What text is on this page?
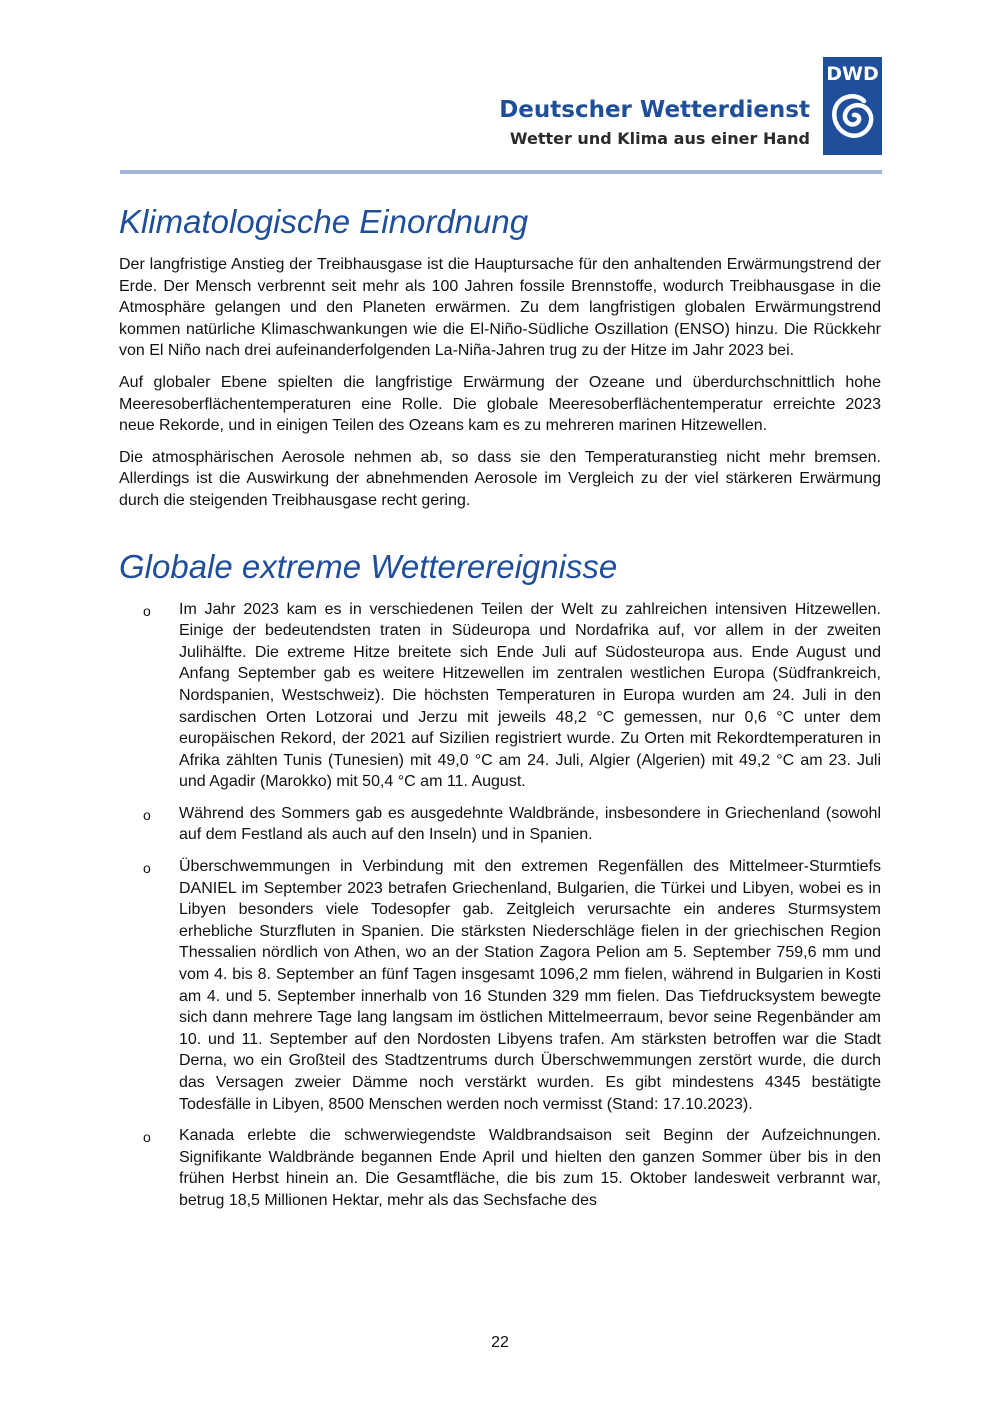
Deutscher Wetterdienst
Wetter und Klima aus einer Hand
DWD
Klimatologische Einordnung

Der langfristige Anstieg der Treibhausgase ist die Hauptursache für den anhaltenden Erwärmungstrend der Erde. Der Mensch verbrennt seit mehr als 100 Jahren fossile Brennstoffe, wodurch Treibhausgase in die Atmosphäre gelangen und den Planeten erwärmen. Zu dem langfristigen globalen Erwärmungstrend kommen natürliche Klimaschwankungen wie die El-Niño-Südliche Oszillation (ENSO) hinzu. Die Rückkehr von El Niño nach drei aufeinanderfolgenden La-Niña-Jahren trug zu der Hitze im Jahr 2023 bei.

Auf globaler Ebene spielten die langfristige Erwärmung der Ozeane und überdurchschnittlich hohe Meeresoberflächentemperaturen eine Rolle. Die globale Meeresoberflächentemperatur erreichte 2023 neue Rekorde, und in einigen Teilen des Ozeans kam es zu mehreren marinen Hitzewellen.

Die atmosphärischen Aerosole nehmen ab, so dass sie den Temperaturanstieg nicht mehr bremsen. Allerdings ist die Auswirkung der abnehmenden Aerosole im Vergleich zu der viel stärkeren Erwärmung durch die steigenden Treibhausgase recht gering.

Globale extreme Wetterereignisse
o Im Jahr 2023 kam es in verschiedenen Teilen der Welt zu zahlreichen intensiven Hitzewellen. Einige der bedeutendsten traten in Südeuropa und Nordafrika auf, vor allem in der zweiten Julihälfte. Die extreme Hitze breitete sich Ende Juli auf Südosteuropa aus. Ende August und Anfang September gab es weitere Hitzewellen im zentralen westlichen Europa (Südfrankreich, Nordspanien, Westschweiz). Die höchsten Temperaturen in Europa wurden am 24. Juli in den sardischen Orten Lotzorai und Jerzu mit jeweils 48,2 °C gemessen, nur 0,6 °C unter dem europäischen Rekord, der 2021 auf Sizilien registriert wurde. Zu Orten mit Rekordtemperaturen in Afrika zählten Tunis (Tunesien) mit 49,0 °C am 24. Juli, Algier (Algerien) mit 49,2 °C am 23. Juli und Agadir (Marokko) mit 50,4 °C am 11. August.

o Während des Sommers gab es ausgedehnte Waldbrände, insbesondere in Griechenland (sowohl auf dem Festland als auch auf den Inseln) und in Spanien.

o Überschwemmungen in Verbindung mit den extremen Regenfällen des Mittelmeer-Sturmtiefs DANIEL im September 2023 betrafen Griechenland, Bulgarien, die Türkei und Libyen, wobei es in Libyen besonders viele Todesopfer gab. Zeitgleich verursachte ein anderes Sturmsystem erhebliche Sturzfluten in Spanien. Die stärksten Niederschläge fielen in der griechischen Region Thessalien nördlich von Athen, wo an der Station Zagora Pelion am 5. September 759,6 mm und vom 4. bis 8. September an fünf Tagen insgesamt 1096,2 mm fielen, während in Bulgarien in Kosti am 4. und 5. September innerhalb von 16 Stunden 329 mm fielen. Das Tiefdrucksystem bewegte sich dann mehrere Tage lang langsam im östlichen Mittelmeerraum, bevor seine Regenbänder am 10. und 11. September auf den Nordosten Libyens trafen. Am stärksten betroffen war die Stadt Derna, wo ein Großteil des Stadtzentrums durch Überschwemmungen zerstört wurde, die durch das Versagen zweier Dämme noch verstärkt wurden. Es gibt mindestens 4345 bestätigte Todesfälle in Libyen, 8500 Menschen werden noch vermisst (Stand: 17.10.2023).

o Kanada erlebte die schwerwiegendste Waldbrandsaison seit Beginn der Aufzeichnungen. Signifikante Waldbrände begannen Ende April und hielten den ganzen Sommer über bis in den frühen Herbst hinein an. Die Gesamtfläche, die bis zum 15. Oktober landesweit verbrannt war, betrug 18,5 Millionen Hektar, mehr als das Sechsfache des

22
